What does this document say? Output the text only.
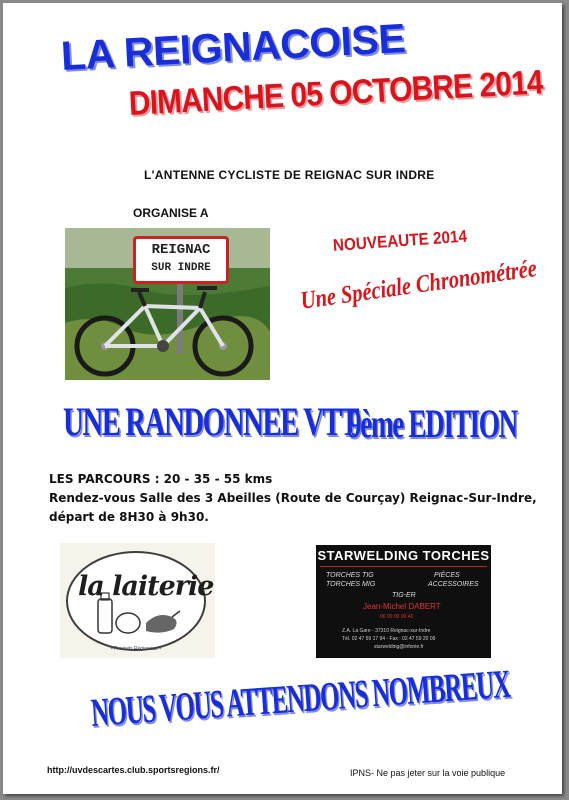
LA REIGNACOISE
DIMANCHE 05 OCTOBRE 2014
L'ANTENNE CYCLISTE DE REIGNAC SUR INDRE
ORGANISE A
REIGNAC
SUR INDRE
NOUVEAUTE 2014
Une Spéciale Chronométrée
UNE RANDONNEE VTT
9ème EDITION
LES PARCOURS : 20 - 35 - 55 kms
Rendez-vous Salle des 3 Abeilles (Route de Courçay) Reignac-Sur-Indre,
départ de 8H30 à 9h30.
la laiterie
• Produits Régionaux •
STARWELDING TORCHES
TORCHES TIG
TORCHES MIG
PIÈCES
ACCESSOIRES
TIG-ER
Jean-Michel DABERT
06 00 00 00 40
Z.A. La Gare - 37310 Reignac-sur-Indre
Tél. 02 47 59 17 94 - Fax : 02 47 59 20 09
starwelding@infonie.fr
NOUS VOUS ATTENDONS NOMBREUX
http://uvdescartes.club.sportsregions.fr/	IPNS- Ne pas jeter sur la voie publique
